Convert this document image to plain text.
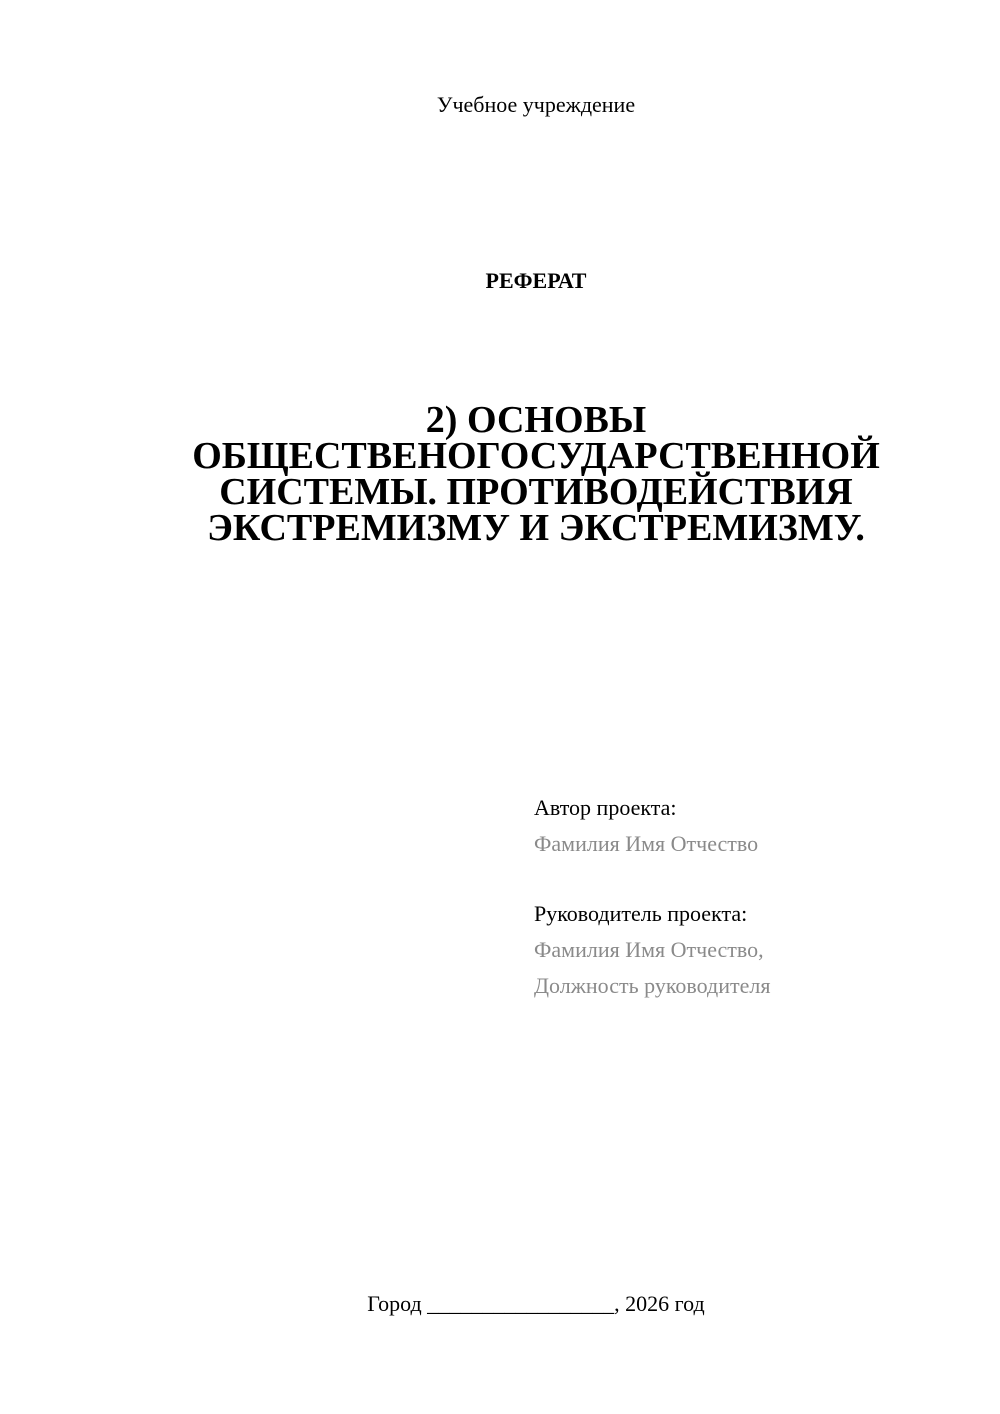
Учебное учреждение
РЕФЕРАТ
2) ОСНОВЫ
ОБЩЕСТВЕНОГОСУДАРСТВЕННОЙ
СИСТЕМЫ. ПРОТИВОДЕЙСТВИЯ
ЭКСТРЕМИЗМУ И ЭКСТРЕМИЗМУ.
Автор проекта:
Фамилия Имя Отчество
Руководитель проекта:
Фамилия Имя Отчество,
Должность руководителя
Город _________________, 2026 год
